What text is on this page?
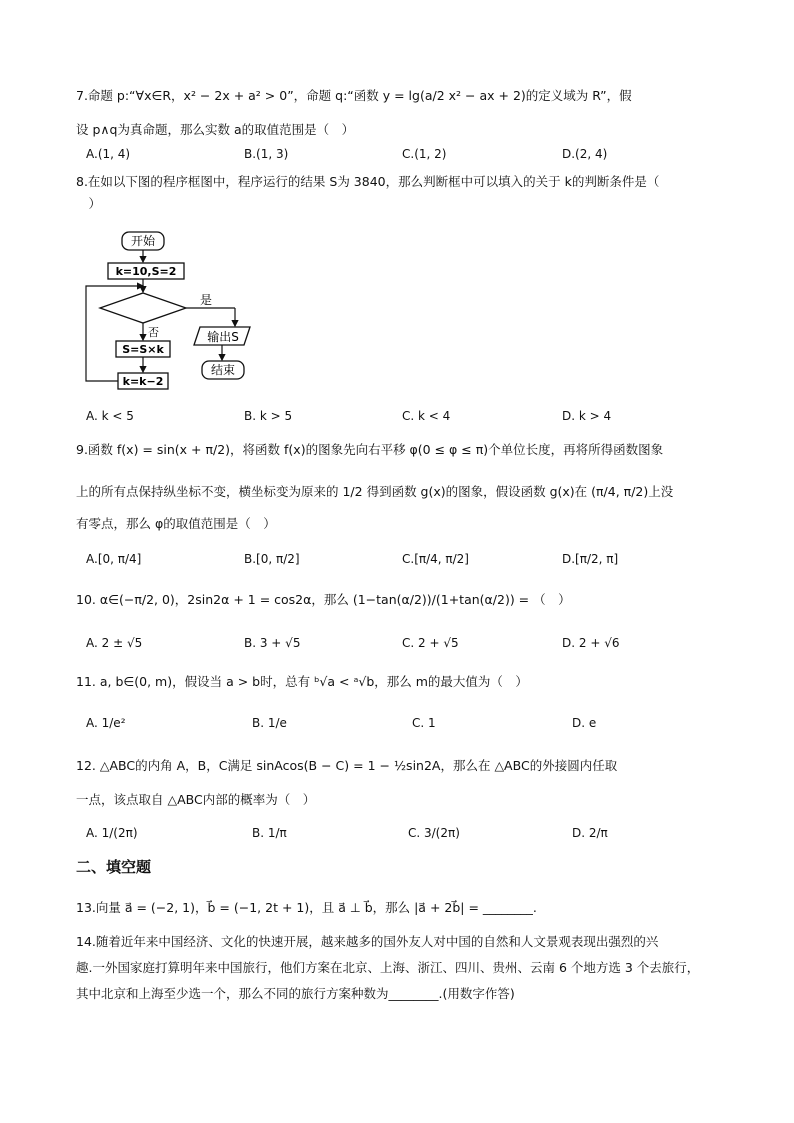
7.命题 p:“∀x∈R，x² − 2x + a² > 0”，命题 q:“函数 y = lg(a/2 x² − ax + 2)的定义域为 R”，假
设 p∧q为真命题，那么实数 a的取值范围是（　）
A.(1, 4)	B.(1, 3)	C.(1, 2)	D.(2, 4)
8.在如以下图的程序框图中，程序运行的结果 S为 3840，那么判断框中可以填入的关于 k的判断条件是（
　）
开始
k=10,S=2
是
否	输出S
结束
S=S×k
k=k−2
A. k < 5	B. k > 5	C. k < 4	D. k > 4
9.函数 f(x) = sin(x + π/2)，将函数 f(x)的图象先向右平移 φ(0 ≤ φ ≤ π)个单位长度，再将所得函数图象
上的所有点保持纵坐标不变，横坐标变为原来的 1/2 得到函数 g(x)的图象，假设函数 g(x)在 (π/4, π/2)上没
有零点，那么 φ的取值范围是（　）
A.[0, π/4]	B.[0, π/2]	C.[π/4, π/2]	D.[π/2, π]
10. α∈(−π/2, 0)，2sin2α + 1 = cos2α，那么 (1−tan(α/2))/(1+tan(α/2)) = （　）
A. 2 ± √5	B. 3 + √5	C. 2 + √5	D. 2 + √6
11. a, b∈(0, m)，假设当 a > b时，总有 ᵇ√a < ᵃ√b，那么 m的最大值为（　）
A. 1/e²	B. 1/e	C. 1	D. e
12. △ABC的内角 A，B，C满足 sinAcos(B − C) = 1 − ½sin2A，那么在 △ABC的外接圆内任取
一点，该点取自 △ABC内部的概率为（　）
A. 1/(2π)	B. 1/π	C. 3/(2π)	D. 2/π
二、填空题
13.向量 a⃗ = (−2, 1)，b⃗ = (−1, 2t + 1)，且 a⃗ ⊥ b⃗，那么 |a⃗ + 2b⃗| = ________.
14.随着近年来中国经济、文化的快速开展，越来越多的国外友人对中国的自然和人文景观表现出强烈的兴
趣.一外国家庭打算明年来中国旅行，他们方案在北京、上海、浙江、四川、贵州、云南 6 个地方选 3 个去旅行，
其中北京和上海至少选一个，那么不同的旅行方案种数为________.(用数字作答)
